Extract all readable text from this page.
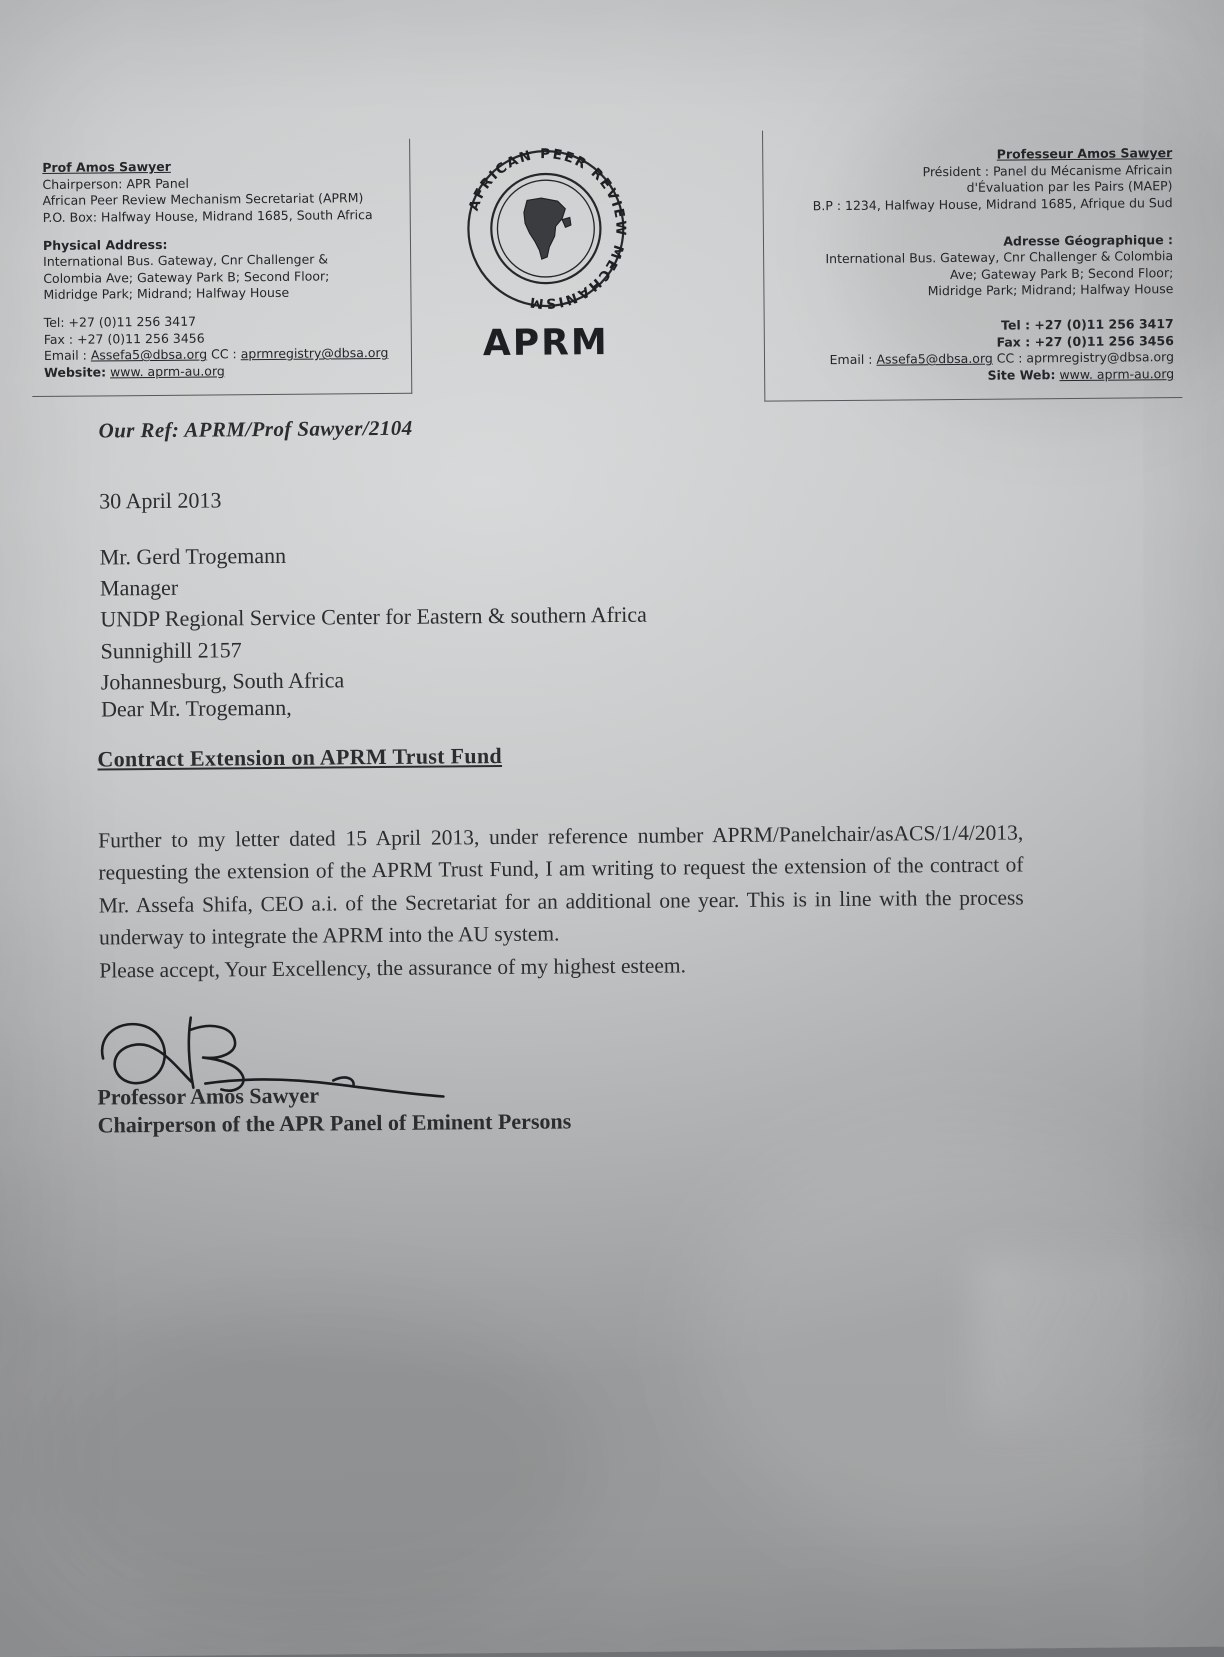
Prof Amos Sawyer
Chairperson: APR Panel
African Peer Review Mechanism Secretariat (APRM)
P.O. Box: Halfway House, Midrand 1685, South Africa
Physical Address:
International Bus. Gateway, Cnr Challenger &
Colombia Ave; Gateway Park B; Second Floor;
Midridge Park; Midrand; Halfway House
Tel: +27 (0)11 256 3417
Fax : +27 (0)11 256 3456
Email : Assefa5@dbsa.org CC : aprmregistry@dbsa.org
Website: www. aprm-au.org
AFRICAN PEER REVIEW MECHANISM
APRM
Professeur Amos Sawyer
Président : Panel du Mécanisme Africain
d'Évaluation par les Pairs (MAEP)
B.P : 1234, Halfway House, Midrand 1685, Afrique du Sud
Adresse Géographique :
International Bus. Gateway, Cnr Challenger & Colombia
Ave; Gateway Park B; Second Floor;
Midridge Park; Midrand; Halfway House
Tel : +27 (0)11 256 3417
Fax : +27 (0)11 256 3456
Email : Assefa5@dbsa.org CC : aprmregistry@dbsa.org
Site Web: www. aprm-au.org
Our Ref: APRM/Prof Sawyer/2104
30 April 2013
Mr. Gerd Trogemann
Manager
UNDP Regional Service Center for Eastern & southern Africa
Sunnighill 2157
Johannesburg, South Africa
Dear Mr. Trogemann,
Contract Extension on APRM Trust Fund
Further to my letter dated 15 April 2013, under reference number APRM/Panelchair/asACS/1/4/2013, requesting the extension of the APRM Trust Fund, I am writing to request the extension of the contract of Mr. Assefa Shifa, CEO a.i. of the Secretariat for an additional one year. This is in line with the process underway to integrate the APRM into the AU system.
Please accept, Your Excellency, the assurance of my highest esteem.
Professor Amos Sawyer
Chairperson of the APR Panel of Eminent Persons
